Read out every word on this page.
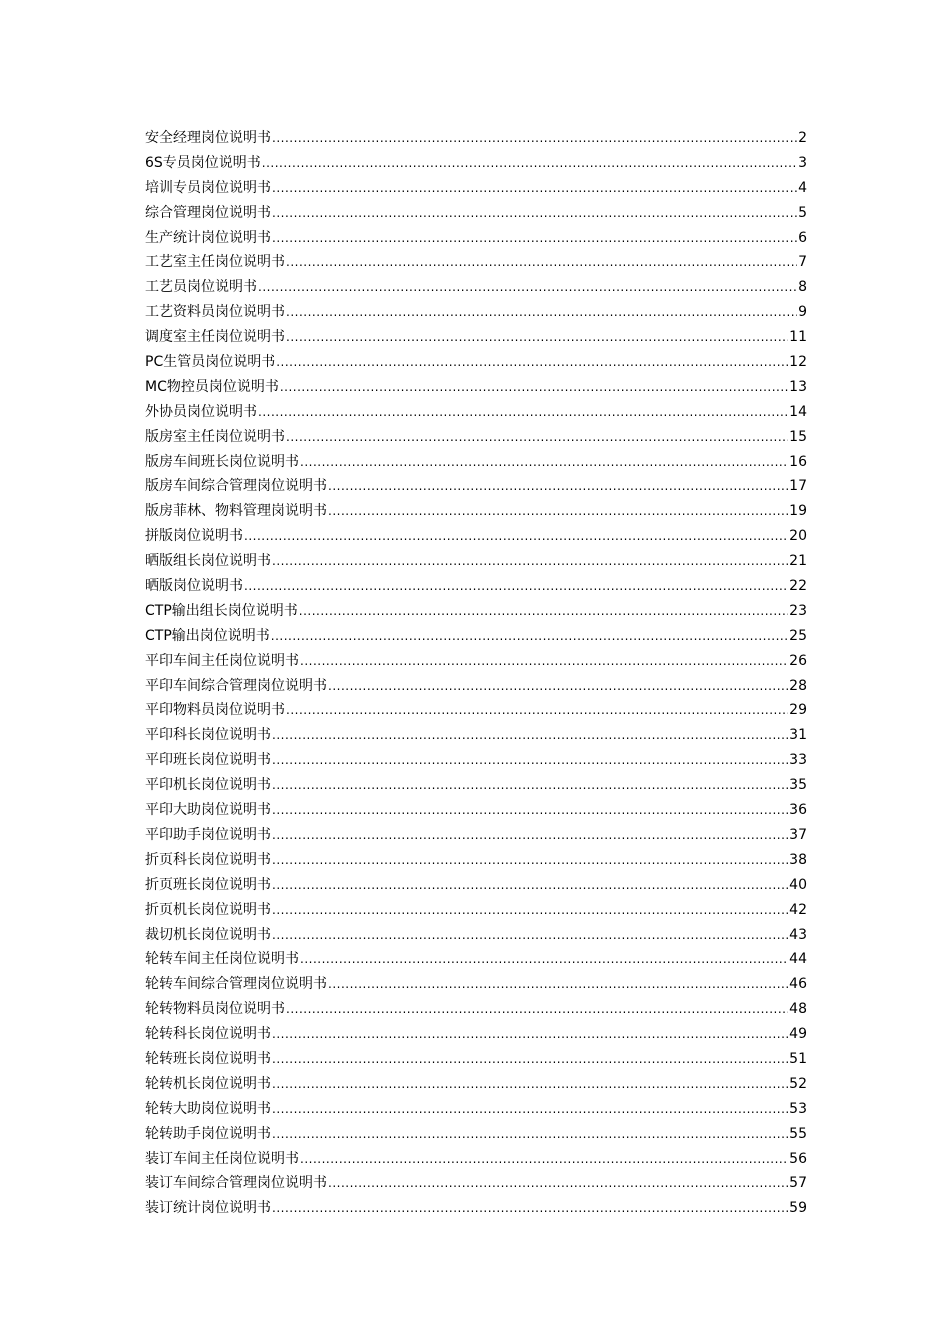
安全经理岗位说明书 .....	2
6S专员岗位说明书 .....	3
培训专员岗位说明书 .....	4
综合管理岗位说明书 .....	5
生产统计岗位说明书 .....	6
工艺室主任岗位说明书 .....	7
工艺员岗位说明书 .....	8
工艺资料员岗位说明书 .....	9
调度室主任岗位说明书 .....	11
PC生管员岗位说明书 .....	12
MC物控员岗位说明书 .....	13
外协员岗位说明书 .....	14
版房室主任岗位说明书 .....	15
版房车间班长岗位说明书 .....	16
版房车间综合管理岗位说明书 .....	17
版房菲林、物料管理岗说明书 .....	19
拼版岗位说明书 .....	20
晒版组长岗位说明书 .....	21
晒版岗位说明书 .....	22
CTP输出组长岗位说明书 .....	23
CTP输出岗位说明书 .....	25
平印车间主任岗位说明书 .....	26
平印车间综合管理岗位说明书 .....	28
平印物料员岗位说明书 .....	29
平印科长岗位说明书 .....	31
平印班长岗位说明书 .....	33
平印机长岗位说明书 .....	35
平印大助岗位说明书 .....	36
平印助手岗位说明书 .....	37
折页科长岗位说明书 .....	38
折页班长岗位说明书 .....	40
折页机长岗位说明书 .....	42
裁切机长岗位说明书 .....	43
轮转车间主任岗位说明书 .....	44
轮转车间综合管理岗位说明书 .....	46
轮转物料员岗位说明书 .....	48
轮转科长岗位说明书 .....	49
轮转班长岗位说明书 .....	51
轮转机长岗位说明书 .....	52
轮转大助岗位说明书 .....	53
轮转助手岗位说明书 .....	55
装订车间主任岗位说明书 .....	56
装订车间综合管理岗位说明书 .....	57
装订统计岗位说明书 .....	59
